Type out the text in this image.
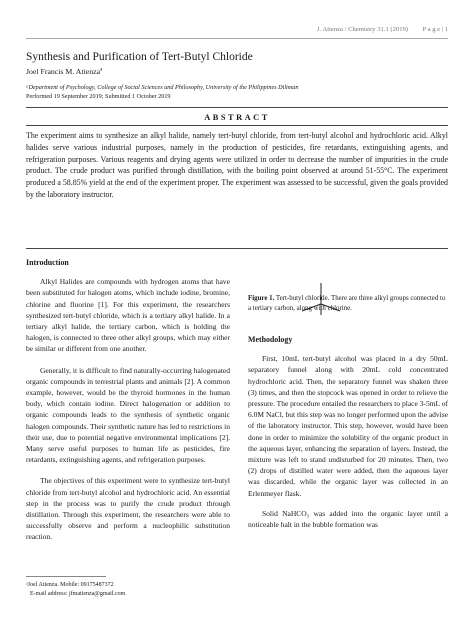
J. Atienza / Chemistry 31.1 (2019) P a g e | 1
Synthesis and Purification of Tert-Butyl Chloride
Joel Francis M. Atienza$^a$
ᵃDepartment of Psychology, College of Social Sciences and Philosophy, University of the Philippines Diliman
Performed 19 September 2019; Submitted 1 October 2019
ABSTRACT
The experiment aims to synthesize an alkyl halide, namely tert-butyl chloride, from tert-butyl alcohol and hydrochloric acid. Alkyl halides serve various industrial purposes, namely in the production of pesticides, fire retardants, extinguishing agents, and refrigeration purposes. Various reagents and drying agents were utilized in order to decrease the number of impurities in the crude product. The crude product was purified through distillation, with the boiling point observed at around 51-55°C. The experiment produced a 58.85% yield at the end of the experiment proper. The experiment was assessed to be successful, given the goals provided by the laboratory instructor.
Introduction

Alkyl Halides are compounds with hydrogen atoms that have been substituted for halogen atoms, which include iodine, bromine, chlorine and fluorine [1]. For this experiment, the researchers synthesized tert-butyl chloride, which is a tertiary alkyl halide. In a tertiary alkyl halide, the tertiary carbon, which is holding the halogen, is connected to three other alkyl groups, which may either be similar or different from one another.

Generally, it is difficult to find naturally-occurring halogenated organic compounds in terrestrial plants and animals [2]. A common example, however, would be the thyroid hormones in the human body, which contain iodine. Direct halogenation or addition to organic compounds leads to the synthesis of synthetic organic halogen compounds. Their synthetic nature has led to restrictions in their use, due to potential negative environmental implications [2]. Many serve useful purposes to human life as pesticides, fire retardants, extinguishing agents, and refrigeration purposes.

The objectives of this experiment were to synthesize tert-butyl chloride from tert-butyl alcohol and hydrochloric acid. An essential step in the process was to purify the crude product through distillation. Through this experiment, the researchers were able to successfully observe and perform a nucleophilic substitution reaction.

Figure 1. Tert-butyl chloride. There are three alkyl groups connected to a tertiary carbon, along with chlorine.
Methodology

First, 10mL tert-butyl alcohol was placed in a dry 50mL separatory funnel along with 20mL cold concentrated hydrochloric acid. Then, the separatory funnel was shaken three (3) times, and then the stopcock was opened in order to relieve the pressure. The procedure entailed the researchers to place 3-5mL of 6.0M NaCl, but this step was no longer performed upon the advise of the laboratory instructor. This step, however, would have been done in order to minimize the solubility of the organic product in the aqueous layer, enhancing the separation of layers. Instead, the mixture was left to stand undisturbed for 20 minutes. Then, two (2) drops of distilled water were added, then the aqueous layer was discarded, while the organic layer was collected in an Erlenmeyer flask.

Solid NaHCO₃ was added into the organic layer until a noticeable halt in the bubble formation was

ᵃJoel Atienza. Mobile: 09175487372
E-mail address: jfmatienza@gmail.com
